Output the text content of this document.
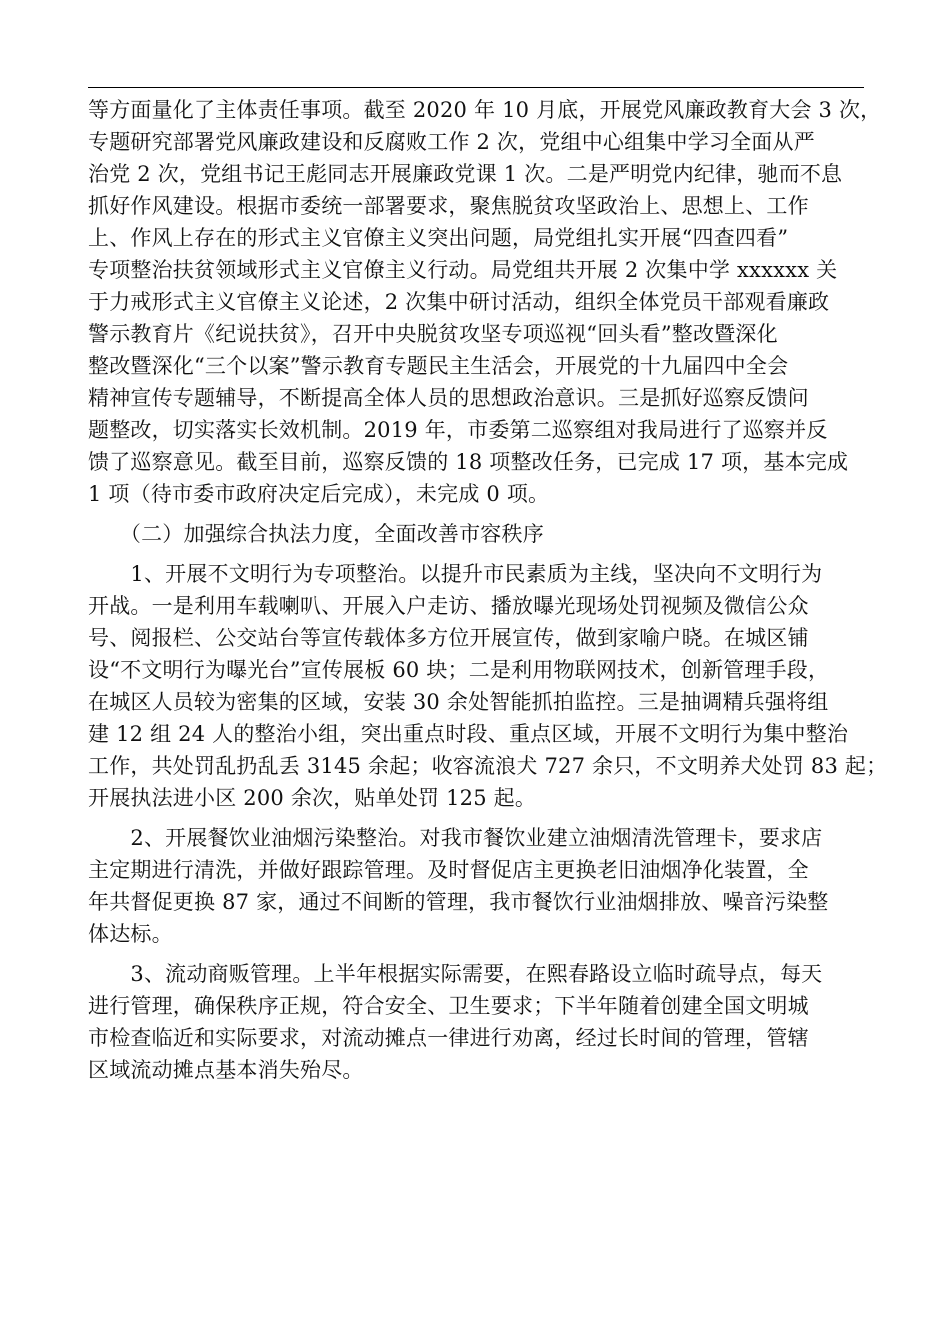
等方面量化了主体责任事项。截至 2020 年 10 月底，开展党风廉政教育大会 3 次，
专题研究部署党风廉政建设和反腐败工作 2 次，党组中心组集中学习全面从严
治党 2 次，党组书记王彪同志开展廉政党课 1 次。二是严明党内纪律，驰而不息
抓好作风建设。根据市委统一部署要求，聚焦脱贫攻坚政治上、思想上、工作
上、作风上存在的形式主义官僚主义突出问题，局党组扎实开展“四查四看”
专项整治扶贫领域形式主义官僚主义行动。局党组共开展 2 次集中学 xxxxxx 关
于力戒形式主义官僚主义论述，2 次集中研讨活动，组织全体党员干部观看廉政
警示教育片《纪说扶贫》，召开中央脱贫攻坚专项巡视“回头看”整改暨深化
整改暨深化“三个以案”警示教育专题民主生活会，开展党的十九届四中全会
精神宣传专题辅导，不断提高全体人员的思想政治意识。三是抓好巡察反馈问
题整改，切实落实长效机制。2019 年，市委第二巡察组对我局进行了巡察并反
馈了巡察意见。截至目前，巡察反馈的 18 项整改任务，已完成 17 项，基本完成
1 项（待市委市政府决定后完成），未完成 0 项。
　　（二）加强综合执法力度，全面改善市容秩序
　　1、开展不文明行为专项整治。以提升市民素质为主线，坚决向不文明行为
开战。一是利用车载喇叭、开展入户走访、播放曝光现场处罚视频及微信公众
号、阅报栏、公交站台等宣传载体多方位开展宣传，做到家喻户晓。在城区铺
设“不文明行为曝光台”宣传展板 60 块；二是利用物联网技术，创新管理手段，
在城区人员较为密集的区域，安装 30 余处智能抓拍监控。三是抽调精兵强将组
建 12 组 24 人的整治小组，突出重点时段、重点区域，开展不文明行为集中整治
工作，共处罚乱扔乱丢 3145 余起；收容流浪犬 727 余只，不文明养犬处罚 83 起；
开展执法进小区 200 余次，贴单处罚 125 起。
　　2、开展餐饮业油烟污染整治。对我市餐饮业建立油烟清洗管理卡，要求店
主定期进行清洗，并做好跟踪管理。及时督促店主更换老旧油烟净化装置，全
年共督促更换 87 家，通过不间断的管理，我市餐饮行业油烟排放、噪音污染整
体达标。
　　3、流动商贩管理。上半年根据实际需要，在熙春路设立临时疏导点，每天
进行管理，确保秩序正规，符合安全、卫生要求；下半年随着创建全国文明城
市检查临近和实际要求，对流动摊点一律进行劝离，经过长时间的管理，管辖
区域流动摊点基本消失殆尽。
